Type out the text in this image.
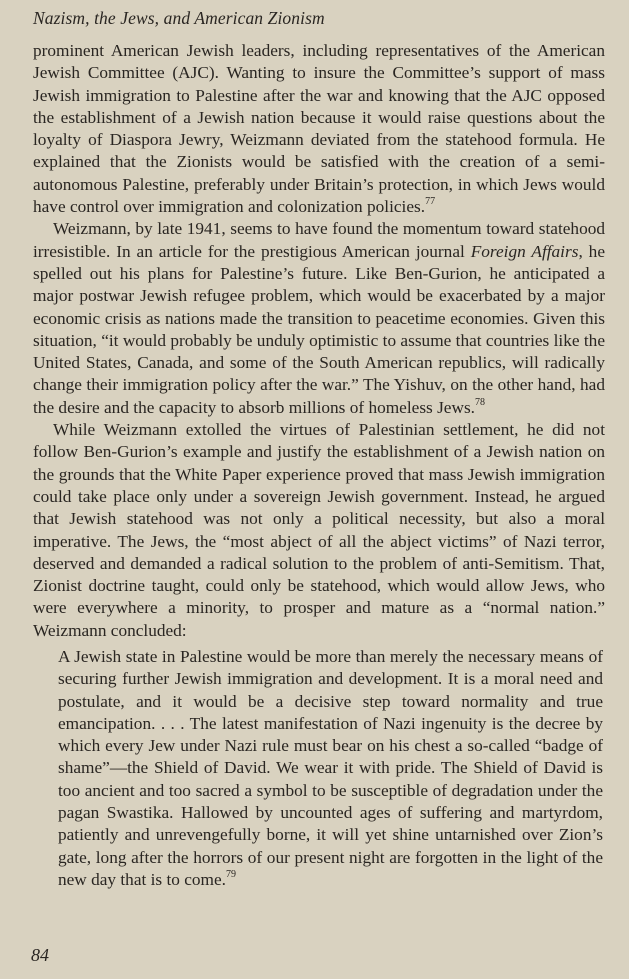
Nazism, the Jews, and American Zionism

prominent American Jewish leaders, including representatives of the American Jewish Committee (AJC). Wanting to insure the Committee’s support of mass Jewish immigration to Palestine after the war and knowing that the AJC opposed the establishment of a Jewish nation because it would raise questions about the loyalty of Diaspora Jewry, Weizmann deviated from the statehood formula. He explained that the Zionists would be satisfied with the creation of a semi-autonomous Palestine, preferably under Britain’s protection, in which Jews would have control over immigration and colonization policies.$^{77}$

Weizmann, by late 1941, seems to have found the momentum toward statehood irresistible. In an article for the prestigious American journal Foreign Affairs, he spelled out his plans for Palestine’s future. Like Ben-Gurion, he anticipated a major postwar Jewish refugee problem, which would be exacerbated by a major economic crisis as nations made the transition to peacetime economies. Given this situation, “it would probably be unduly optimistic to assume that countries like the United States, Canada, and some of the South American republics, will radically change their immigration policy after the war.” The Yishuv, on the other hand, had the desire and the capacity to absorb millions of homeless Jews.$^{78}$

While Weizmann extolled the virtues of Palestinian settlement, he did not follow Ben-Gurion’s example and justify the establishment of a Jewish nation on the grounds that the White Paper experience proved that mass Jewish immigration could take place only under a sovereign Jewish government. Instead, he argued that Jewish statehood was not only a political necessity, but also a moral imperative. The Jews, the “most abject of all the abject victims” of Nazi terror, deserved and demanded a radical solution to the problem of anti-Semitism. That, Zionist doctrine taught, could only be statehood, which would allow Jews, who were everywhere a minority, to prosper and mature as a “normal nation.” Weizmann concluded:

A Jewish state in Palestine would be more than merely the necessary means of securing further Jewish immigration and development. It is a moral need and postulate, and it would be a decisive step toward normality and true emancipation. . . . The latest manifestation of Nazi ingenuity is the decree by which every Jew under Nazi rule must bear on his chest a so-called “badge of shame”—the Shield of David. We wear it with pride. The Shield of David is too ancient and too sacred a symbol to be susceptible of degradation under the pagan Swastika. Hallowed by uncounted ages of suffering and martyrdom, patiently and unrevengefully borne, it will yet shine untarnished over Zion’s gate, long after the horrors of our present night are forgotten in the light of the new day that is to come.$^{79}$

84
